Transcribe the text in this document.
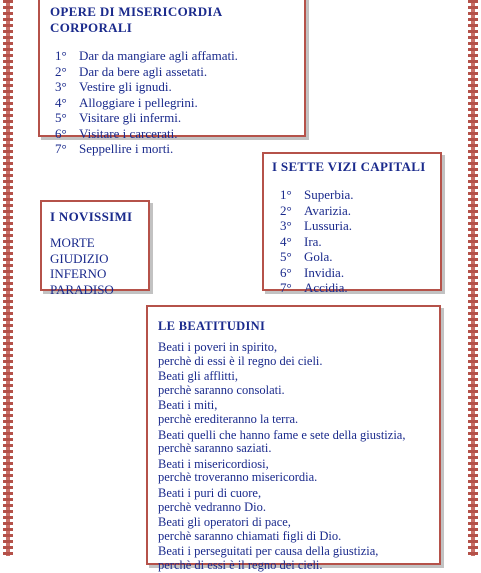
OPERE DI MISERICORDIA CORPORALI
1° Dar da mangiare agli affamati.
2° Dar da bere agli assetati.
3° Vestire gli ignudi.
4° Alloggiare i pellegrini.
5° Visitare gli infermi.
6° Visitare i carcerati.
7° Seppellire i morti.
I SETTE VIZI CAPITALI
1° Superbia.
2° Avarizia.
3° Lussuria.
4° Ira.
5° Gola.
6° Invidia.
7° Accidia.
I NOVISSIMI
MORTE
GIUDIZIO
INFERNO
PARADISO
LE BEATITUDINI

Beati i poveri in spirito,
perchè di essi è il regno dei cieli.

Beati gli afflitti,
perchè saranno consolati.

Beati i miti,
perchè erediteranno la terra.

Beati quelli che hanno fame e sete della giustizia,
perchè saranno saziati.

Beati i misericordiosi,
perchè troveranno misericordia.

Beati i puri di cuore,
perchè vedranno Dio.

Beati gli operatori di pace,
perchè saranno chiamati figli di Dio.

Beati i perseguitati per causa della giustizia,
perchè di essi è il regno dei cieli.
